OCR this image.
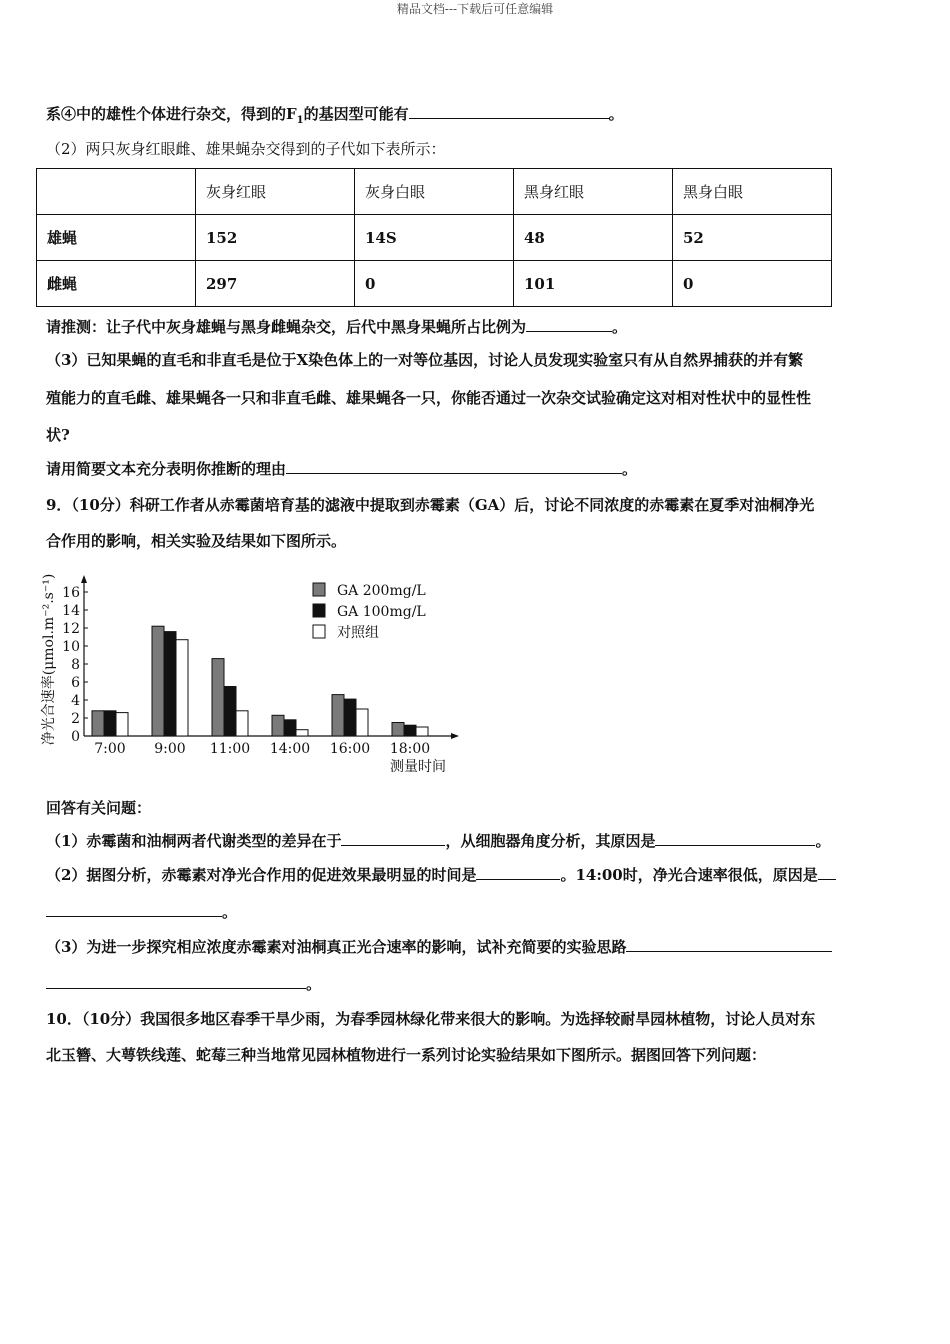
精品文档---下载后可任意编辑
系④中的雄性个体进行杂交，得到的$F_1$的基因型可能有	。
（2）两只灰身红眼雌、雄果蝇杂交得到的子代如下表所示：
	灰身红眼	灰身白眼	黑身红眼	黑身白眼
雄蝇	152	14S	48	52
雌蝇	297	0	101	0
请推测：让子代中灰身雄蝇与黑身雌蝇杂交，后代中黑身果蝇所占比例为	。
（3）已知果蝇的直毛和非直毛是位于X染色体上的一对等位基因，讨论人员发现实验室只有从自然界捕获的并有繁
殖能力的直毛雌、雄果蝇各一只和非直毛雌、雄果蝇各一只，你能否通过一次杂交试验确定这对相对性状中的显性性
状?
请用简要文本充分表明你推断的理由	。
9．（10分）科研工作者从赤霉菌培育基的滤液中提取到赤霉素（GA）后，讨论不同浓度的赤霉素在夏季对油桐净光
合作用的影响，相关实验及结果如下图所示。
0
2
4
6
8
10
12
14
16
净光合速率(μmol.m⁻².s⁻¹)
7:00 9:00 11:00 14:00 16:00 18:00
测量时间
GA 200mg/L
GA 100mg/L
对照组
回答有关问题：
（1）赤霉菌和油桐两者代谢类型的差异在于	，从细胞器角度分析，其原因是	。
（2）据图分析，赤霉素对净光合作用的促进效果最明显的时间是	。14:00时，净光合速率很低，原因是
。
（3）为进一步探究相应浓度赤霉素对油桐真正光合速率的影响，试补充简要的实验思路
。
10．（10分）我国很多地区春季干旱少雨，为春季园林绿化带来很大的影响。为选择较耐旱园林植物，讨论人员对东
北玉簪、大萼铁线莲、蛇莓三种当地常见园林植物进行一系列讨论实验结果如下图所示。据图回答下列问题：
